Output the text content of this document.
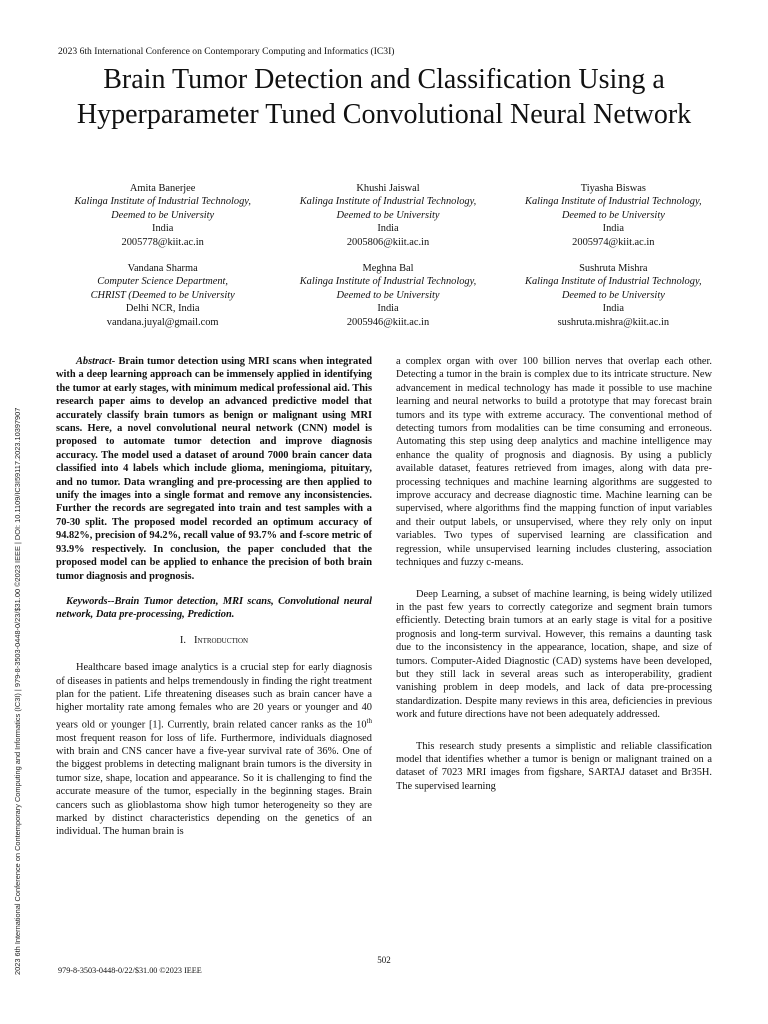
2023 6th International Conference on Contemporary Computing and Informatics (IC3I) | 979-8-3503-0448-0/23/$31.00 ©2023 IEEE | DOI: 10.1109/IC3I59117.2023.10397907
2023 6th International Conference on Contemporary Computing and Informatics (IC3I)
Brain Tumor Detection and Classification Using a Hyperparameter Tuned Convolutional Neural Network
Amita Banerjee
Kalinga Institute of Industrial Technology,
Deemed to be University
India
2005778@kiit.ac.in
Khushi Jaiswal
Kalinga Institute of Industrial Technology,
Deemed to be University
India
2005806@kiit.ac.in
Tiyasha Biswas
Kalinga Institute of Industrial Technology,
Deemed to be University
India
2005974@kiit.ac.in
Vandana Sharma
Computer Science Department,
CHRIST (Deemed to be University
Delhi NCR, India
vandana.juyal@gmail.com
Meghna Bal
Kalinga Institute of Industrial Technology,
Deemed to be University
India
2005946@kiit.ac.in
Sushruta Mishra
Kalinga Institute of Industrial Technology,
Deemed to be University
India
sushruta.mishra@kiit.ac.in

Abstract- Brain tumor detection using MRI scans when integrated with a deep learning approach can be immensely applied in identifying the tumor at early stages, with minimum medical professional aid. This research paper aims to develop an advanced predictive model that accurately classify brain tumors as benign or malignant using MRI scans. Here, a novel convolutional neural network (CNN) model is proposed to automate tumor detection and improve diagnosis accuracy. The model used a dataset of around 7000 brain cancer data classified into 4 labels which include glioma, meningioma, pituitary, and no tumor. Data wrangling and pre-processing are then applied to unify the images into a single format and remove any inconsistencies. Further the records are segregated into train and test samples with a 70-30 split. The proposed model recorded an optimum accuracy of 94.82%, precision of 94.2%, recall value of 93.7% and f-score metric of 93.9% respectively. In conclusion, the paper concluded that the proposed model can be applied to enhance the precision of both brain tumor diagnosis and prognosis.

Keywords--Brain Tumor detection, MRI scans, Convolutional neural network, Data pre-processing, Prediction.

I. Introduction

Healthcare based image analytics is a crucial step for early diagnosis of diseases in patients and helps tremendously in finding the right treatment plan for the patient. Life threatening diseases such as brain cancer have a higher mortality rate among females who are 20 years or younger and 40 years old or younger [1]. Currently, brain related cancer ranks as the 10th most frequent reason for loss of life. Furthermore, individuals diagnosed with brain and CNS cancer have a five-year survival rate of 36%. One of the biggest problems in detecting malignant brain tumors is the diversity in tumor size, shape, location and appearance. So it is challenging to find the accurate measure of the tumor, especially in the beginning stages. Brain cancers such as glioblastoma show high tumor heterogeneity so they are marked by distinct characteristics depending on the genetics of an individual. The human brain is

a complex organ with over 100 billion nerves that overlap each other. Detecting a tumor in the brain is complex due to its intricate structure. New advancement in medical technology has made it possible to use machine learning and neural networks to build a prototype that may forecast brain tumors and its type with extreme accuracy. The conventional method of detecting tumors from modalities can be time consuming and erroneous. Automating this step using deep analytics and machine intelligence may enhance the quality of prognosis and diagnosis. By using a publicly available dataset, features retrieved from images, along with data pre-processing techniques and machine learning algorithms are suggested to improve accuracy and decrease diagnostic time. Machine learning can be supervised, where algorithms find the mapping function of input variables and their output labels, or unsupervised, where they rely only on input variables. Two types of supervised learning are classification and regression, while unsupervised learning includes clustering, association techniques and fuzzy c-means.

Deep Learning, a subset of machine learning, is being widely utilized in the past few years to correctly categorize and segment brain tumors efficiently. Detecting brain tumors at an early stage is vital for a positive prognosis and long-term survival. However, this remains a daunting task due to the inconsistency in the appearance, location, shape, and size of tumors. Computer-Aided Diagnostic (CAD) systems have been developed, but they still lack in several areas such as interoperability, gradient vanishing problem in deep models, and lack of data pre-processing standardization. Despite many reviews in this area, deficiencies in previous work and future directions have not been adequately addressed.

This research study presents a simplistic and reliable classification model that identifies whether a tumor is benign or malignant trained on a dataset of 7023 MRI images from figshare, SARTAJ dataset and Br35H. The supervised learning

502
979-8-3503-0448-0/22/$31.00 ©2023 IEEE
